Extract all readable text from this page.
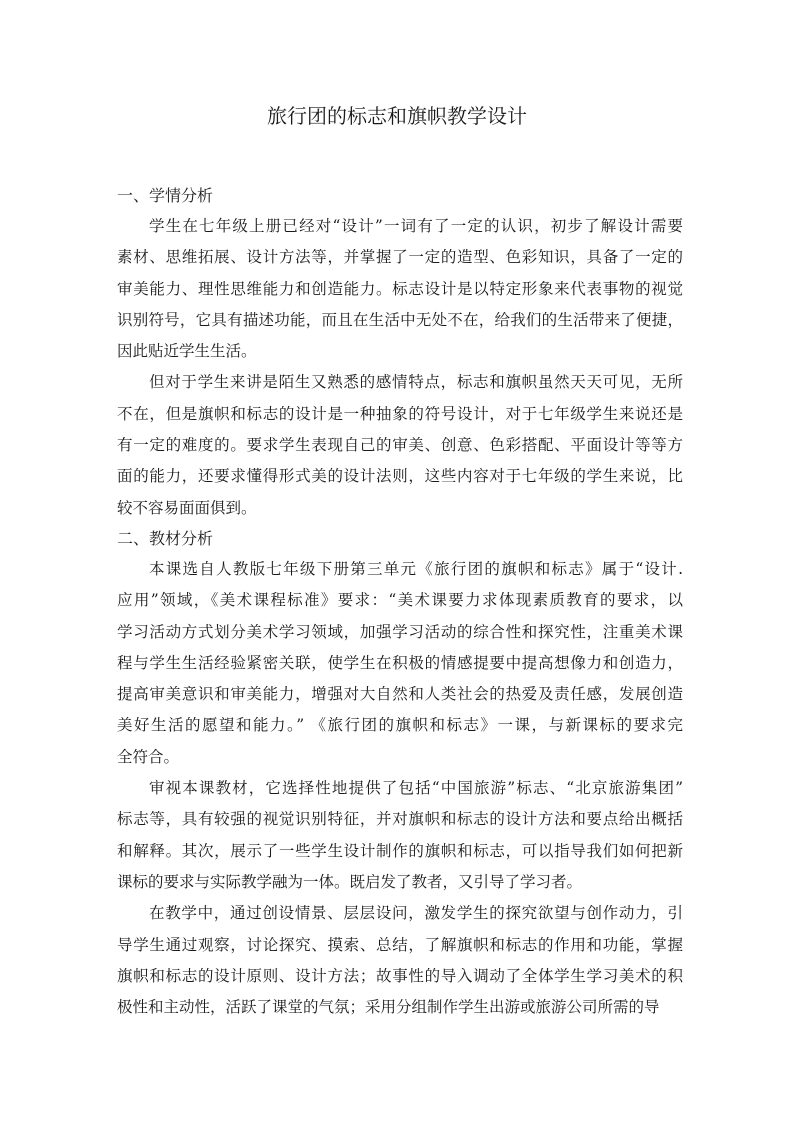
旅行团的标志和旗帜教学设计
一、学情分析
学生在七年级上册已经对“设计”一词有了一定的认识，初步了解设计需要
素材、思维拓展、设计方法等，并掌握了一定的造型、色彩知识，具备了一定的
审美能力、理性思维能力和创造能力。标志设计是以特定形象来代表事物的视觉
识别符号，它具有描述功能，而且在生活中无处不在，给我们的生活带来了便捷，
因此贴近学生生活。
但对于学生来讲是陌生又熟悉的感情特点，标志和旗帜虽然天天可见，无所
不在，但是旗帜和标志的设计是一种抽象的符号设计，对于七年级学生来说还是
有一定的难度的。要求学生表现自己的审美、创意、色彩搭配、平面设计等等方
面的能力，还要求懂得形式美的设计法则，这些内容对于七年级的学生来说，比
较不容易面面俱到。
二、教材分析
本课选自人教版七年级下册第三单元《旅行团的旗帜和标志》属于“设计.
应用”领域，《美术课程标准》要求：“美术课要力求体现素质教育的要求，以
学习活动方式划分美术学习领域，加强学习活动的综合性和探究性，注重美术课
程与学生生活经验紧密关联，使学生在积极的情感提要中提高想像力和创造力，
提高审美意识和审美能力，增强对大自然和人类社会的热爱及责任感，发展创造
美好生活的愿望和能力。” 《旅行团的旗帜和标志》一课，与新课标的要求完
全符合。
审视本课教材，它选择性地提供了包括“中国旅游”标志、“北京旅游集团”
标志等，具有较强的视觉识别特征，并对旗帜和标志的设计方法和要点给出概括
和解释。其次，展示了一些学生设计制作的旗帜和标志，可以指导我们如何把新
课标的要求与实际教学融为一体。既启发了教者，又引导了学习者。
在教学中，通过创设情景、层层设问，激发学生的探究欲望与创作动力，引
导学生通过观察，讨论探究、摸索、总结，了解旗帜和标志的作用和功能，掌握
旗帜和标志的设计原则、设计方法；故事性的导入调动了全体学生学习美术的积
极性和主动性，活跃了课堂的气氛；采用分组制作学生出游或旅游公司所需的导
